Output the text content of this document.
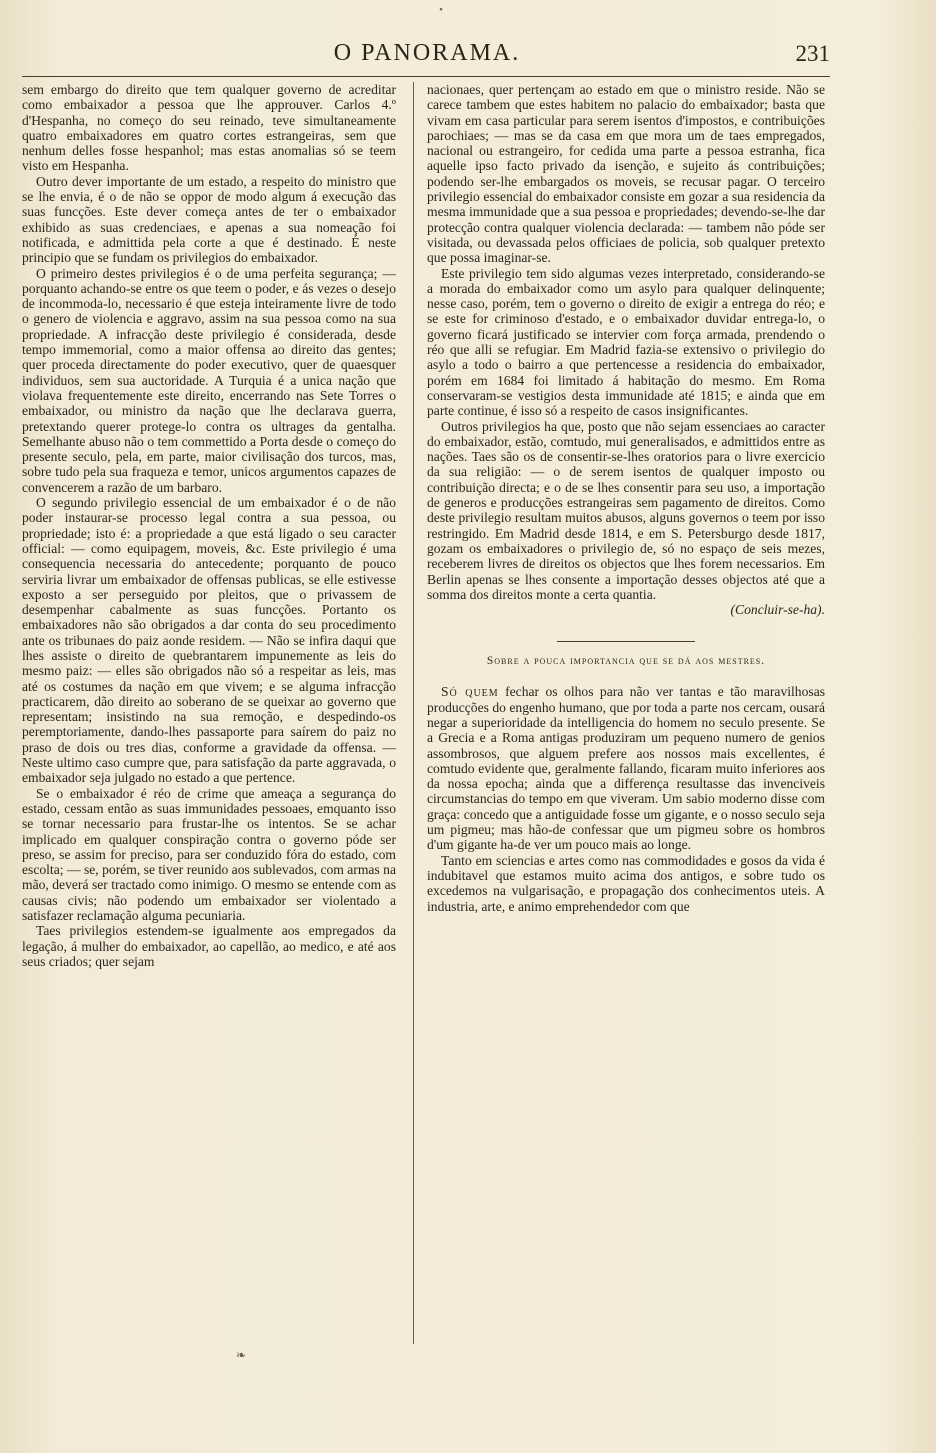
•
O PANORAMA.	231

sem embargo do direito que tem qualquer governo de acreditar como embaixador a pessoa que lhe approuver. Carlos 4.º d'Hespanha, no começo do seu reinado, teve simultaneamente quatro embaixadores em quatro cortes estrangeiras, sem que nenhum delles fosse hespanhol; mas estas anomalias só se teem visto em Hespanha.

Outro dever importante de um estado, a respeito do ministro que se lhe envia, é o de não se oppor de modo algum á execução das suas funcções. Este dever começa antes de ter o embaixador exhibido as suas credenciaes, e apenas a sua nomeação foi notificada, e admittida pela corte a que é destinado. É neste principio que se fundam os privilegios do embaixador.

O primeiro destes privilegios é o de uma perfeita segurança; — porquanto achando-se entre os que teem o poder, e ás vezes o desejo de incommoda-lo, necessario é que esteja inteiramente livre de todo o genero de violencia e aggravo, assim na sua pessoa como na sua propriedade. A infracção deste privilegio é considerada, desde tempo immemorial, como a maior offensa ao direito das gentes; quer proceda directamente do poder executivo, quer de quaesquer individuos, sem sua auctoridade. A Turquia é a unica nação que violava frequentemente este direito, encerrando nas Sete Torres o embaixador, ou ministro da nação que lhe declarava guerra, pretextando querer protege-lo contra os ultrages da gentalha. Semelhante abuso não o tem commettido a Porta desde o começo do presente seculo, pela, em parte, maior civilisação dos turcos, mas, sobre tudo pela sua fraqueza e temor, unicos argumentos capazes de convencerem a razão de um barbaro.

O segundo privilegio essencial de um embaixador é o de não poder instaurar-se processo legal contra a sua pessoa, ou propriedade; isto é: a propriedade a que está ligado o seu caracter official: — como equipagem, moveis, &c. Este privilegio é uma consequencia necessaria do antecedente; porquanto de pouco serviria livrar um embaixador de offensas publicas, se elle estivesse exposto a ser perseguido por pleitos, que o privassem de desempenhar cabalmente as suas funcções. Portanto os embaixadores não são obrigados a dar conta do seu procedimento ante os tribunaes do paiz aonde residem. — Não se infira daqui que lhes assiste o direito de quebrantarem impunemente as leis do mesmo paiz: — elles são obrigados não só a respeitar as leis, mas até os costumes da nação em que vivem; e se alguma infracção practicarem, dão direito ao soberano de se queixar ao governo que representam; insistindo na sua remoção, e despedindo-os peremptoriamente, dando-lhes passaporte para saírem do paiz no praso de dois ou tres dias, conforme a gravidade da offensa. — Neste ultimo caso cumpre que, para satisfação da parte aggravada, o embaixador seja julgado no estado a que pertence.

Se o embaixador é réo de crime que ameaça a segurança do estado, cessam então as suas immunidades pessoaes, emquanto isso se tornar necessario para frustar-lhe os intentos. Se se achar implicado em qualquer conspiração contra o governo póde ser preso, se assim for preciso, para ser conduzido fóra do estado, com escolta; — se, porém, se tiver reunido aos sublevados, com armas na mão, deverá ser tractado como inimigo. O mesmo se entende com as causas civis; não podendo um embaixador ser violentado a satisfazer reclamação alguma pecuniaria.

Taes privilegios estendem-se igualmente aos empregados da legação, á mulher do embaixador, ao capellão, ao medico, e até aos seus criados; quer sejam

nacionaes, quer pertençam ao estado em que o ministro reside. Não se carece tambem que estes habitem no palacio do embaixador; basta que vivam em casa particular para serem isentos d'impostos, e contribuições parochiaes; — mas se da casa em que mora um de taes empregados, nacional ou estrangeiro, for cedida uma parte a pessoa estranha, fica aquelle ipso facto privado da isenção, e sujeito ás contribuições; podendo ser-lhe embargados os moveis, se recusar pagar. O terceiro privilegio essencial do embaixador consiste em gozar a sua residencia da mesma immunidade que a sua pessoa e propriedades; devendo-se-lhe dar protecção contra qualquer violencia declarada: — tambem não póde ser visitada, ou devassada pelos officiaes de policia, sob qualquer pretexto que possa imaginar-se.

Este privilegio tem sido algumas vezes interpretado, considerando-se a morada do embaixador como um asylo para qualquer delinquente; nesse caso, porém, tem o governo o direito de exigir a entrega do réo; e se este for criminoso d'estado, e o embaixador duvidar entrega-lo, o governo ficará justificado se intervier com força armada, prendendo o réo que alli se refugiar. Em Madrid fazia-se extensivo o privilegio do asylo a todo o bairro a que pertencesse a residencia do embaixador, porém em 1684 foi limitado á habitação do mesmo. Em Roma conservaram-se vestigios desta immunidade até 1815; e ainda que em parte continue, é isso só a respeito de casos insignificantes.

Outros privilegios ha que, posto que não sejam essenciaes ao caracter do embaixador, estão, comtudo, mui generalisados, e admittidos entre as nações. Taes são os de consentir-se-lhes oratorios para o livre exercicio da sua religião: — o de serem isentos de qualquer imposto ou contribuição directa; e o de se lhes consentir para seu uso, a importação de generos e producções estrangeiras sem pagamento de direitos. Como deste privilegio resultam muitos abusos, alguns governos o teem por isso restringido. Em Madrid desde 1814, e em S. Petersburgo desde 1817, gozam os embaixadores o privilegio de, só no espaço de seis mezes, receberem livres de direitos os objectos que lhes forem necessarios. Em Berlin apenas se lhes consente a importação desses objectos até que a somma dos direitos monte a certa quantia.

(Concluir-se-ha).

Sobre a pouca importancia que se dá aos mestres.

Só quem fechar os olhos para não ver tantas e tão maravilhosas producções do engenho humano, que por toda a parte nos cercam, ousará negar a superioridade da intelligencia do homem no seculo presente. Se a Grecia e a Roma antigas produziram um pequeno numero de genios assombrosos, que alguem prefere aos nossos mais excellentes, é comtudo evidente que, geralmente fallando, ficaram muito inferiores aos da nossa epocha; ainda que a differença resultasse das invenciveis circumstancias do tempo em que viveram. Um sabio moderno disse com graça: concedo que a antiguidade fosse um gigante, e o nosso seculo seja um pigmeu; mas hão-de confessar que um pigmeu sobre os hombros d'um gigante ha-de ver um pouco mais ao longe.

Tanto em sciencias e artes como nas commodidades e gosos da vida é indubitavel que estamos muito acima dos antigos, e sobre tudo os excedemos na vulgarisação, e propagação dos conhecimentos uteis. A industria, arte, e animo emprehendedor com que

❧
